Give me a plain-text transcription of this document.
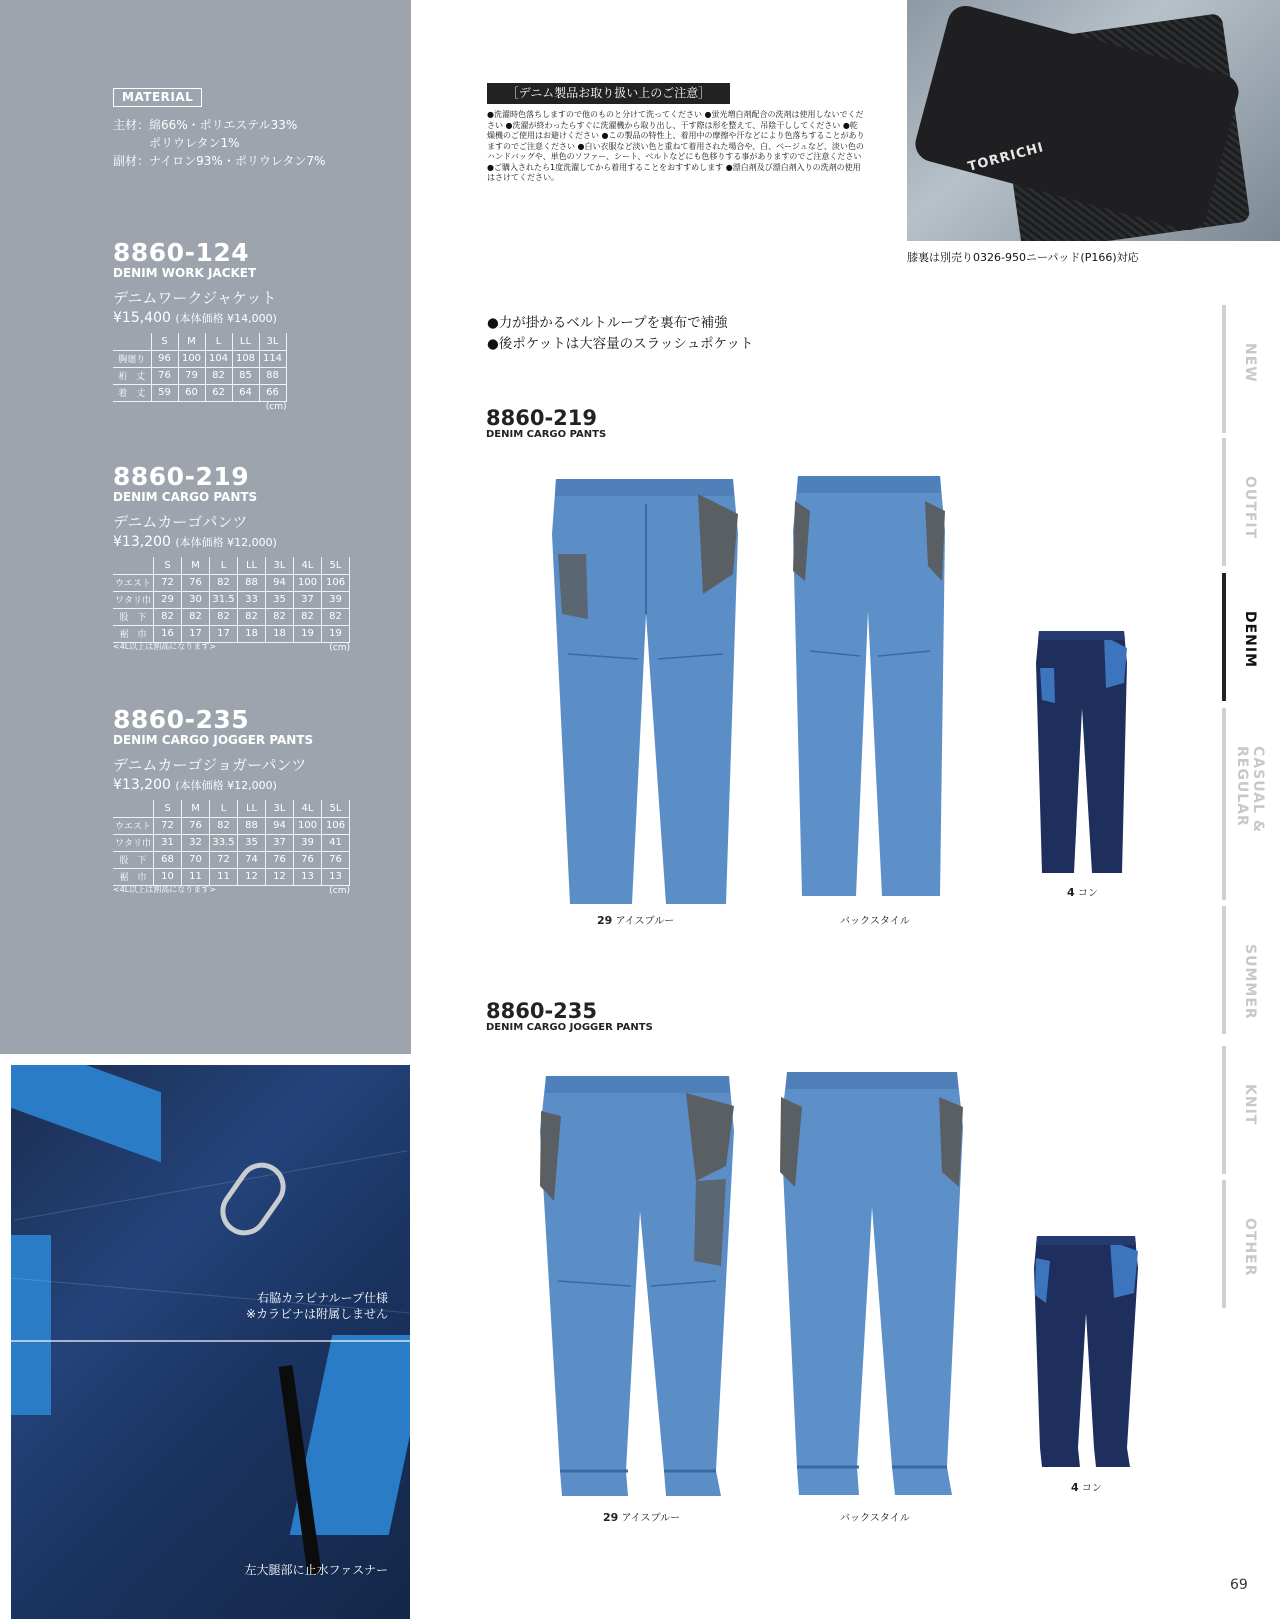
MATERIAL
主材：綿66%・ポリエステル33%
　　　ポリウレタン1%
副材：ナイロン93%・ポリウレタン7%
8860-124
DENIM WORK JACKET
デニムワークジャケット
¥15,400 (本体価格 ¥14,000)
	S	M	L	LL	3L
胸廻り	96	100	104	108	114
裄　丈	76	79	82	85	88
着　丈	59	60	62	64	66
(cm)
8860-219
DENIM CARGO PANTS
デニムカーゴパンツ
¥13,200 (本体価格 ¥12,000)
	S	M	L	LL	3L	4L	5L
ウエスト	72	76	82	88	94	100	106
ワタリ巾	29	30	31.5	33	35	37	39
股　下	82	82	82	82	82	82	82
裾　巾	16	17	17	18	18	19	19
(cm)
<4L以上は割高になります>
8860-235
DENIM CARGO JOGGER PANTS
デニムカーゴジョガーパンツ
¥13,200 (本体価格 ¥12,000)
	S	M	L	LL	3L	4L	5L
ウエスト	72	76	82	88	94	100	106
ワタリ巾	31	32	33.5	35	37	39	41
股　下	68	70	72	74	76	76	76
裾　巾	10	11	11	12	12	13	13
(cm)
<4L以上は割高になります>
右脇カラビナループ仕様
※カラビナは附属しません
左大腿部に止水ファスナー
［デニム製品お取り扱い上のご注意］
●洗濯時色落ちしますので他のものと分けて洗ってください ●蛍光増白剤配合の洗剤は使用しないでください ●洗濯が終わったらすぐに洗濯機から取り出し、干す際は形を整えて、吊陰干ししてください ●乾燥機のご使用はお避けください ●この製品の特性上、着用中の摩擦や汗などにより色落ちすることがありますのでご注意ください ●白い衣服など淡い色と重ねて着用された場合や、白、ベージュなど、淡い色のハンドバッグや、単色のソファー、シート、ベルトなどにも色移りする事がありますのでご注意ください ●ご購入されたら1度洗濯してから着用することをおすすめします ●漂白剤及び漂白剤入りの洗剤の使用はさけてください。
TORRICHI
膝裏は別売り0326-950ニーパッド(P166)対応
●力が掛かるベルトループを裏布で補強
●後ポケットは大容量のスラッシュポケット
8860-219
DENIM CARGO PANTS
29 アイスブルー	バックスタイル
4 コン
8860-235
DENIM CARGO JOGGER PANTS
29 アイスブルー	バックスタイル
4 コン
NEW
OUTFIT
DENIM
CASUAL & REGULAR
SUMMER
KNIT
OTHER
69
